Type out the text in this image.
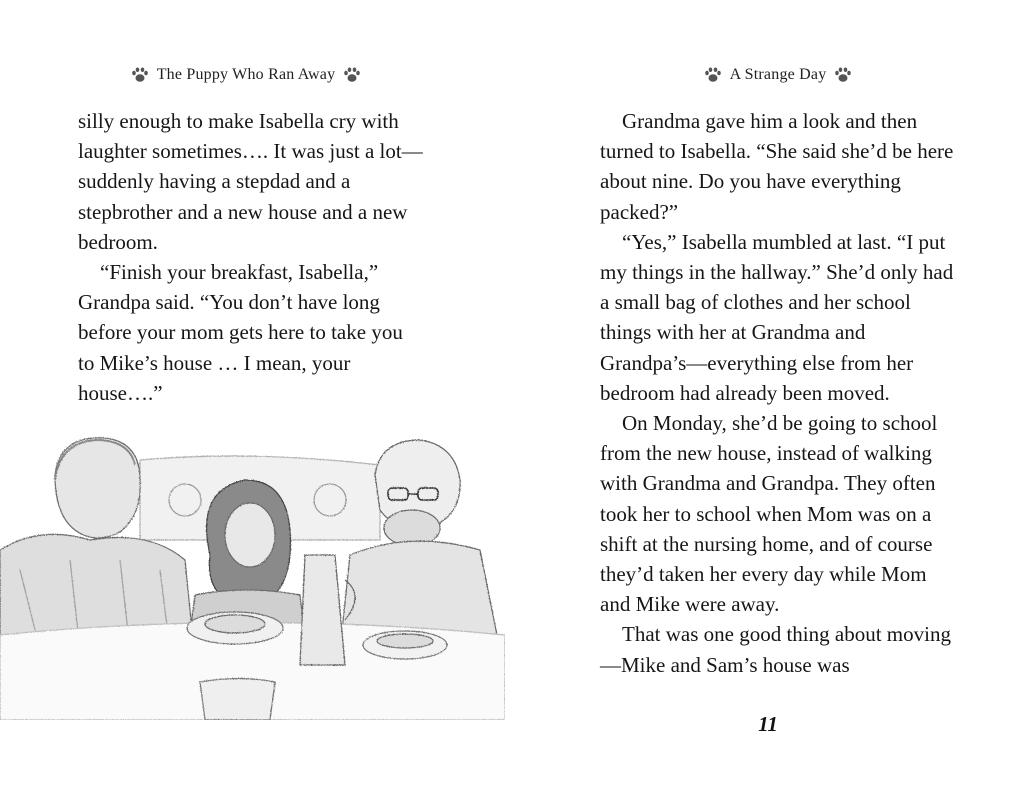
The Puppy Who Ran Away

silly enough to make Isabella cry with laughter sometimes…. It was just a lot—suddenly having a stepdad and a stepbrother and a new house and a new bedroom.

“Finish your breakfast, Isabella,” Grandpa said. “You don’t have long before your mom gets here to take you to Mike’s house … I mean, your house….”

A Strange Day

Grandma gave him a look and then turned to Isabella. “She said she’d be here about nine. Do you have everything packed?”

“Yes,” Isabella mumbled at last. “I put my things in the hallway.” She’d only had a small bag of clothes and her school things with her at Grandma and Grandpa’s—everything else from her bedroom had already been moved.

On Monday, she’d be going to school from the new house, instead of walking with Grandma and Grandpa. They often took her to school when Mom was on a shift at the nursing home, and of course they’d taken her every day while Mom and Mike were away.

That was one good thing about moving—Mike and Sam’s house was

11
